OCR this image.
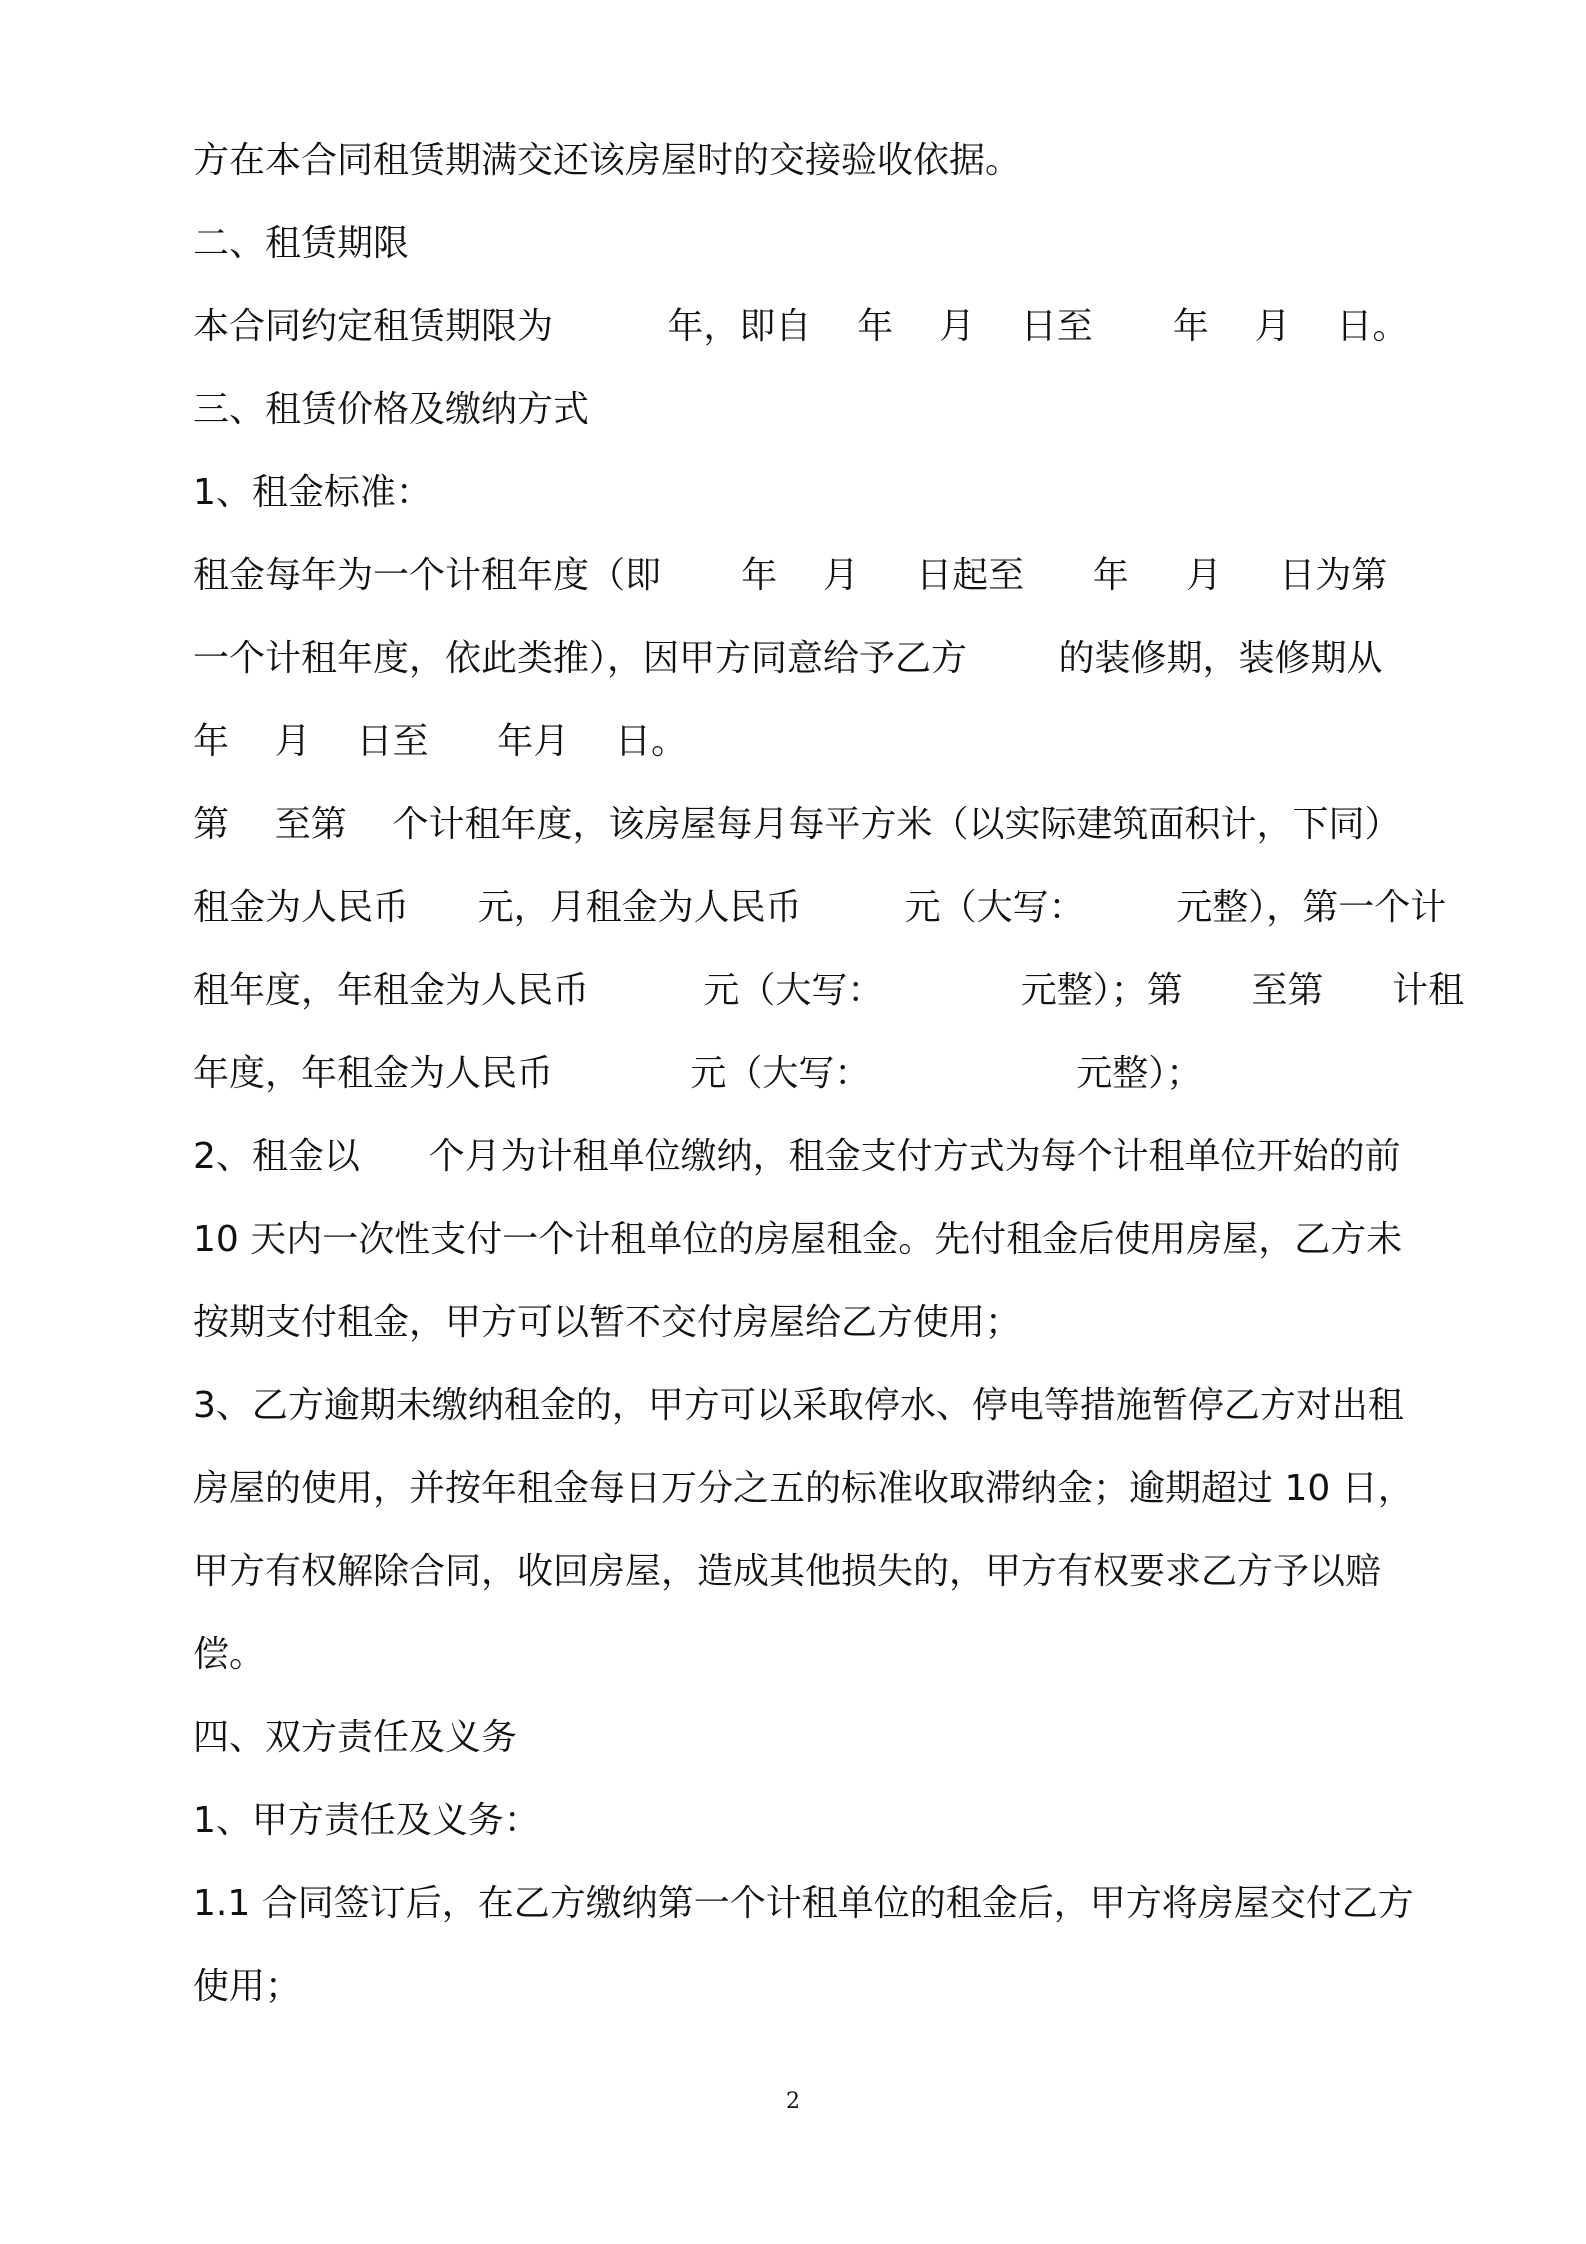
方在本合同租赁期满交还该房屋时的交接验收依据。

二、租赁期限

本合同约定租赁期限为          年，即自    年    月    日至       年    月    日。

三、租赁价格及缴纳方式

1、租金标准：

租金每年为一个计租年度（即       年    月     日起至      年     月     日为第

一个计租年度，依此类推），因甲方同意给予乙方        的装修期，装修期从

年    月    日至      年月    日。

第    至第    个计租年度，该房屋每月每平方米（以实际建筑面积计，下同）

租金为人民币      元，月租金为人民币         元（大写：        元整），第一个计

租年度，年租金为人民币          元（大写：            元整）；第      至第      计租

年度，年租金为人民币            元（大写：                  元整）；

2、租金以      个月为计租单位缴纳，租金支付方式为每个计租单位开始的前

10 天内一次性支付一个计租单位的房屋租金。先付租金后使用房屋，乙方未

按期支付租金，甲方可以暂不交付房屋给乙方使用；

3、乙方逾期未缴纳租金的，甲方可以采取停水、停电等措施暂停乙方对出租

房屋的使用，并按年租金每日万分之五的标准收取滞纳金；逾期超过 10 日，

甲方有权解除合同，收回房屋，造成其他损失的，甲方有权要求乙方予以赔

偿。

四、双方责任及义务

1、甲方责任及义务：

1.1 合同签订后，在乙方缴纳第一个计租单位的租金后，甲方将房屋交付乙方

使用；

2
